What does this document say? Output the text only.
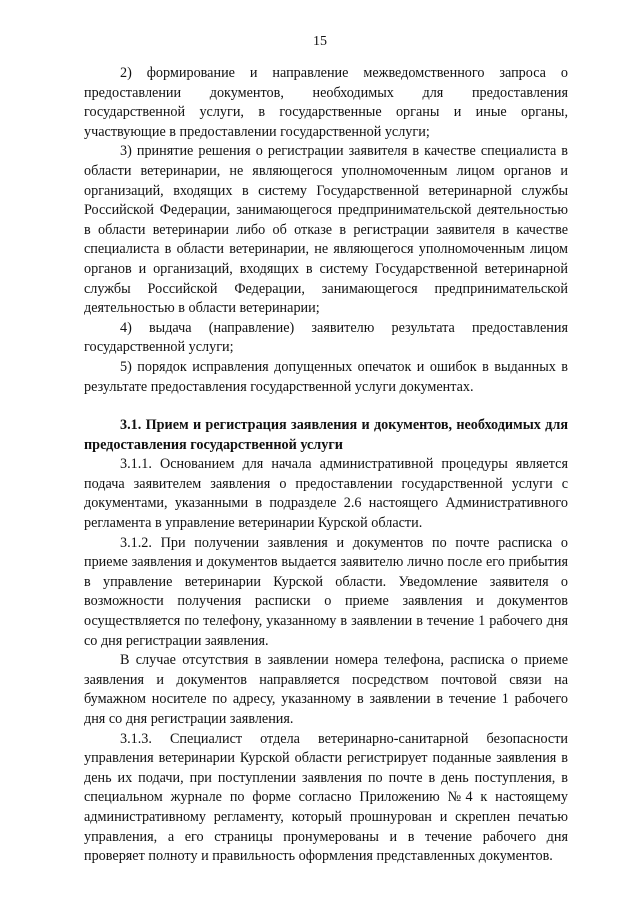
15

2) формирование и направление межведомственного запроса о предоставлении документов, необходимых для предоставления государственной услуги, в государственные органы и иные органы, участвующие в предоставлении государственной услуги;

3) принятие решения о регистрации заявителя в качестве специалиста в области ветеринарии, не являющегося уполномоченным лицом органов и организаций, входящих в систему Государственной ветеринарной службы Российской Федерации, занимающегося предпринимательской деятельностью в области ветеринарии либо об отказе в регистрации заявителя в качестве специалиста в области ветеринарии, не являющегося уполномоченным лицом органов и организаций, входящих в систему Государственной ветеринарной службы Российской Федерации, занимающегося предпринимательской деятельностью в области ветеринарии;

4) выдача (направление) заявителю результата предоставления государственной услуги;

5) порядок исправления допущенных опечаток и ошибок в выданных в результате предоставления государственной услуги документах.

3.1. Прием и регистрация заявления и документов, необходимых для предоставления государственной услуги

3.1.1. Основанием для начала административной процедуры является подача заявителем заявления о предоставлении государственной услуги с документами, указанными в подразделе 2.6 настоящего Административного регламента в управление ветеринарии Курской области.

3.1.2. При получении заявления и документов по почте расписка о приеме заявления и документов выдается заявителю лично после его прибытия в управление ветеринарии Курской области. Уведомление заявителя о возможности получения расписки о приеме заявления и документов осуществляется по телефону, указанному в заявлении в течение 1 рабочего дня со дня регистрации заявления.

В случае отсутствия в заявлении номера телефона, расписка о приеме заявления и документов направляется посредством почтовой связи на бумажном носителе по адресу, указанному в заявлении в течение 1 рабочего дня со дня регистрации заявления.

3.1.3. Специалист отдела ветеринарно-санитарной безопасности управления ветеринарии Курской области регистрирует поданные заявления в день их подачи, при поступлении заявления по почте в день поступления, в специальном журнале по форме согласно Приложению №4 к настоящему административному регламенту, который прошнурован и скреплен печатью управления, а его страницы пронумерованы и в течение рабочего дня проверяет полноту и правильность оформления представленных документов.
